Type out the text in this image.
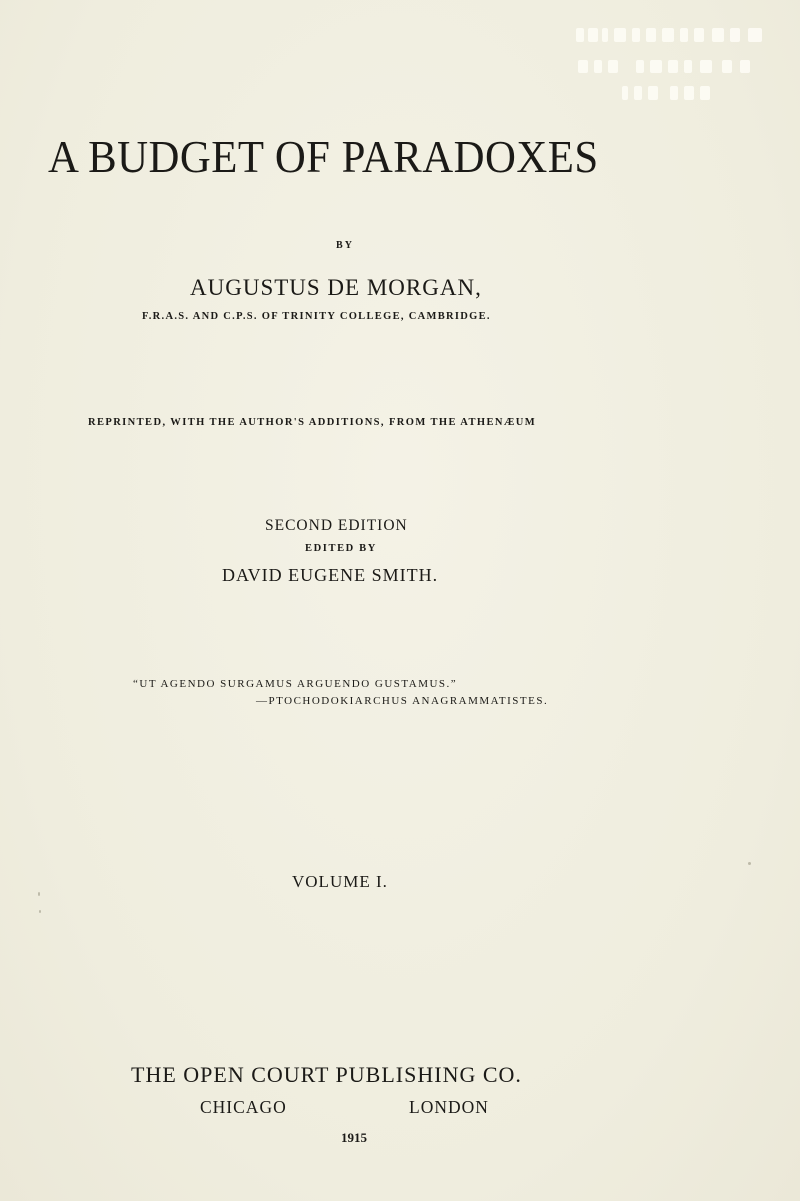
A BUDGET OF PARADOXES
BY
AUGUSTUS DE MORGAN,
F.R.A.S. AND C.P.S. OF TRINITY COLLEGE, CAMBRIDGE.
REPRINTED, WITH THE AUTHOR'S ADDITIONS, FROM THE ATHENÆUM
SECOND EDITION
EDITED BY
DAVID EUGENE SMITH.
“UT AGENDO SURGAMUS ARGUENDO GUSTAMUS.”
—PTOCHODOKIARCHUS ANAGRAMMATISTES.
VOLUME I.
THE OPEN COURT PUBLISHING CO.
CHICAGO	LONDON
1915
